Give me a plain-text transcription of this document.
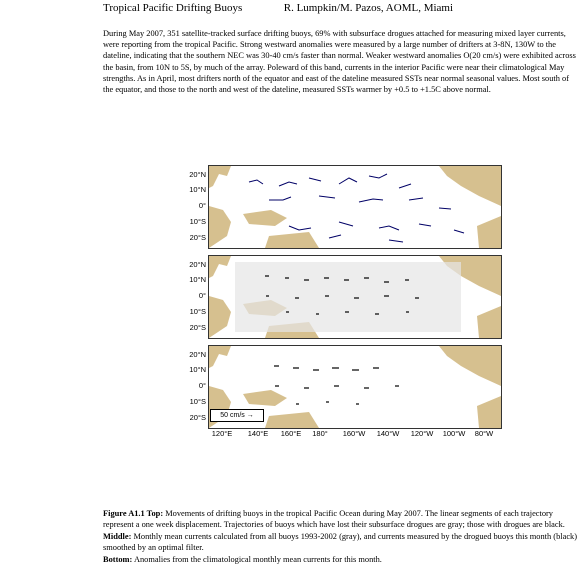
Tropical Pacific Drifting Buoys	R. Lumpkin/M. Pazos, AOML, Miami
During May 2007, 351 satellite-tracked surface drifting buoys, 69% with subsurface drogues attached for measuring mixed layer currents, were reporting from the tropical Pacific. Strong westward anomalies were measured by a large number of drifters at 3-8N, 130W to the dateline, indicating that the southern NEC was 30-40 cm/s faster than normal. Weaker westward anomalies O(20 cm/s) were exhibited across the basin, from 10N to 5S, by much of the array. Poleward of this band, currents in the interior Pacific were near their climatological May strengths. As in April, most drifters north of the equator and east of the dateline measured SSTs near normal seasonal values. Most south of the equator, and those to the north and west of the dateline, measured SSTs warmer by +0.5 to +1.5C above normal.
20°N
10°N
0°
10°S
20°S
20°N
10°N
0°
10°S
20°S
20°N
10°N
0°
10°S
20°S	50 cm/s →
120°E 140°E 160°E 180° 160°W 140°W 120°W 100°W 80°W

Figure A1.1 Top: Movements of drifting buoys in the tropical Pacific Ocean during May 2007. The linear segments of each trajectory represent a one week displacement. Trajectories of buoys which have lost their subsurface drogues are gray; those with drogues are black.

Middle: Monthly mean currents calculated from all buoys 1993-2002 (gray), and currents measured by the drogued buoys this month (black) smoothed by an optimal filter.

Bottom: Anomalies from the climatological monthly mean currents for this month.
